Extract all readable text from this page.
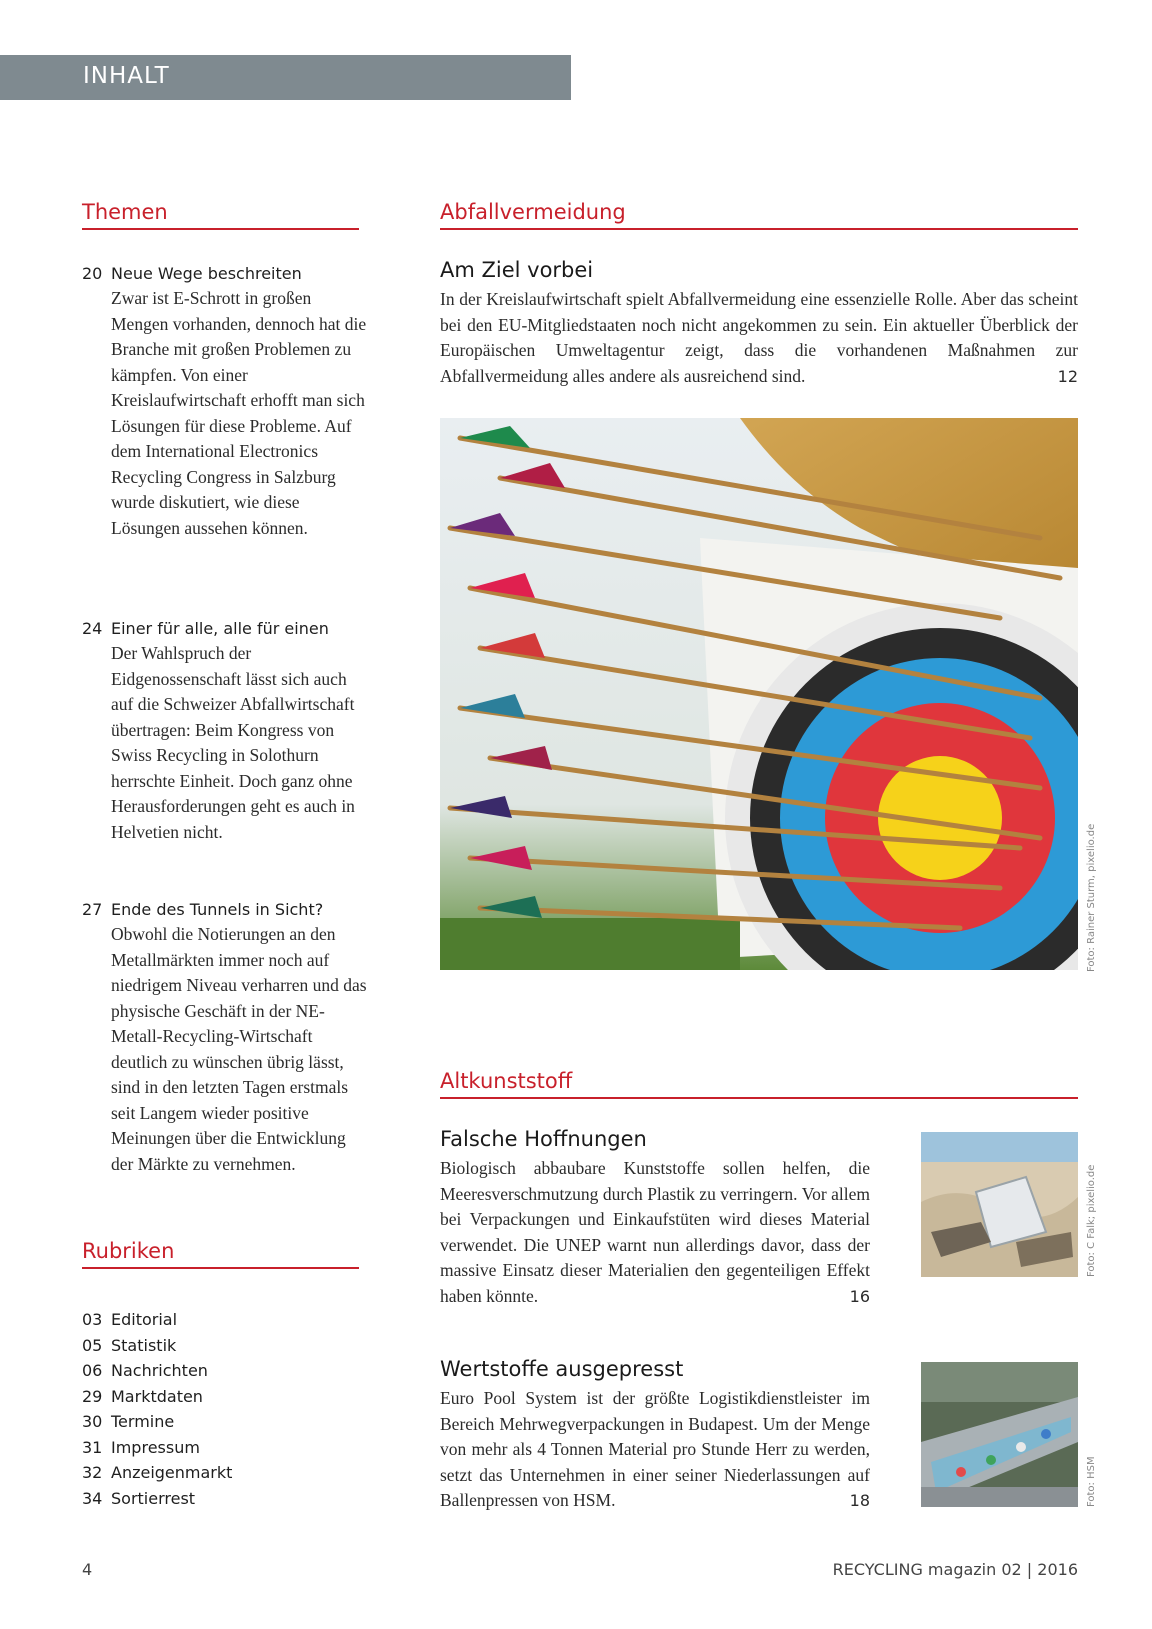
INHALT
Themen
20 Neue Wege beschreiten
Zwar ist E-Schrott in großen Mengen vorhanden, dennoch hat die Branche mit großen Problemen zu kämpfen. Von einer Kreislaufwirtschaft erhofft man sich Lösungen für diese Probleme. Auf dem International Electronics Recycling Congress in Salzburg wurde diskutiert, wie diese Lösungen aussehen können.
24 Einer für alle, alle für einen
Der Wahlspruch der Eidgenossenschaft lässt sich auch auf die Schweizer Abfallwirtschaft übertragen: Beim Kongress von Swiss Recycling in Solothurn herrschte Einheit. Doch ganz ohne Herausforderungen geht es auch in Helvetien nicht.
27 Ende des Tunnels in Sicht?
Obwohl die Notierungen an den Metallmärkten immer noch auf niedrigem Niveau verharren und das physische Geschäft in der NE-Metall-Recycling-Wirtschaft deutlich zu wünschen übrig lässt, sind in den letzten Tagen erstmals seit Langem wieder positive Meinungen über die Entwicklung der Märkte zu vernehmen.
Rubriken
03 Editorial
05 Statistik
06 Nachrichten
29 Marktdaten
30 Termine
31 Impressum
32 Anzeigenmarkt
34 Sortierrest
Abfallvermeidung
Am Ziel vorbei
In der Kreislaufwirtschaft spielt Abfallvermeidung eine essenzielle Rolle. Aber das scheint bei den EU-Mitgliedstaaten noch nicht angekommen zu sein. Ein aktueller Überblick der Europäischen Umweltagentur zeigt, dass die vorhandenen Maßnahmen zur Abfallvermeidung alles andere als ausreichend sind.	12
Foto: Rainer Sturm, pixelio.de
Altkunststoff
Falsche Hoffnungen
Biologisch abbaubare Kunststoffe sollen helfen, die Meeresverschmutzung durch Plastik zu verringern. Vor allem bei Verpackungen und Einkaufstüten wird dieses Material verwendet. Die UNEP warnt nun allerdings davor, dass der massive Einsatz dieser Materialien den gegenteiligen Effekt haben könnte.	16
Foto: C Falk; pixelio.de
Wertstoffe ausgepresst
Euro Pool System ist der größte Logistikdienstleister im Bereich Mehrwegverpackungen in Budapest. Um der Menge von mehr als 4 Tonnen Material pro Stunde Herr zu werden, setzt das Unternehmen in einer seiner Niederlassungen auf Ballenpressen von HSM.	18	Foto: HSM
4	RECYCLING magazin 02 | 2016
